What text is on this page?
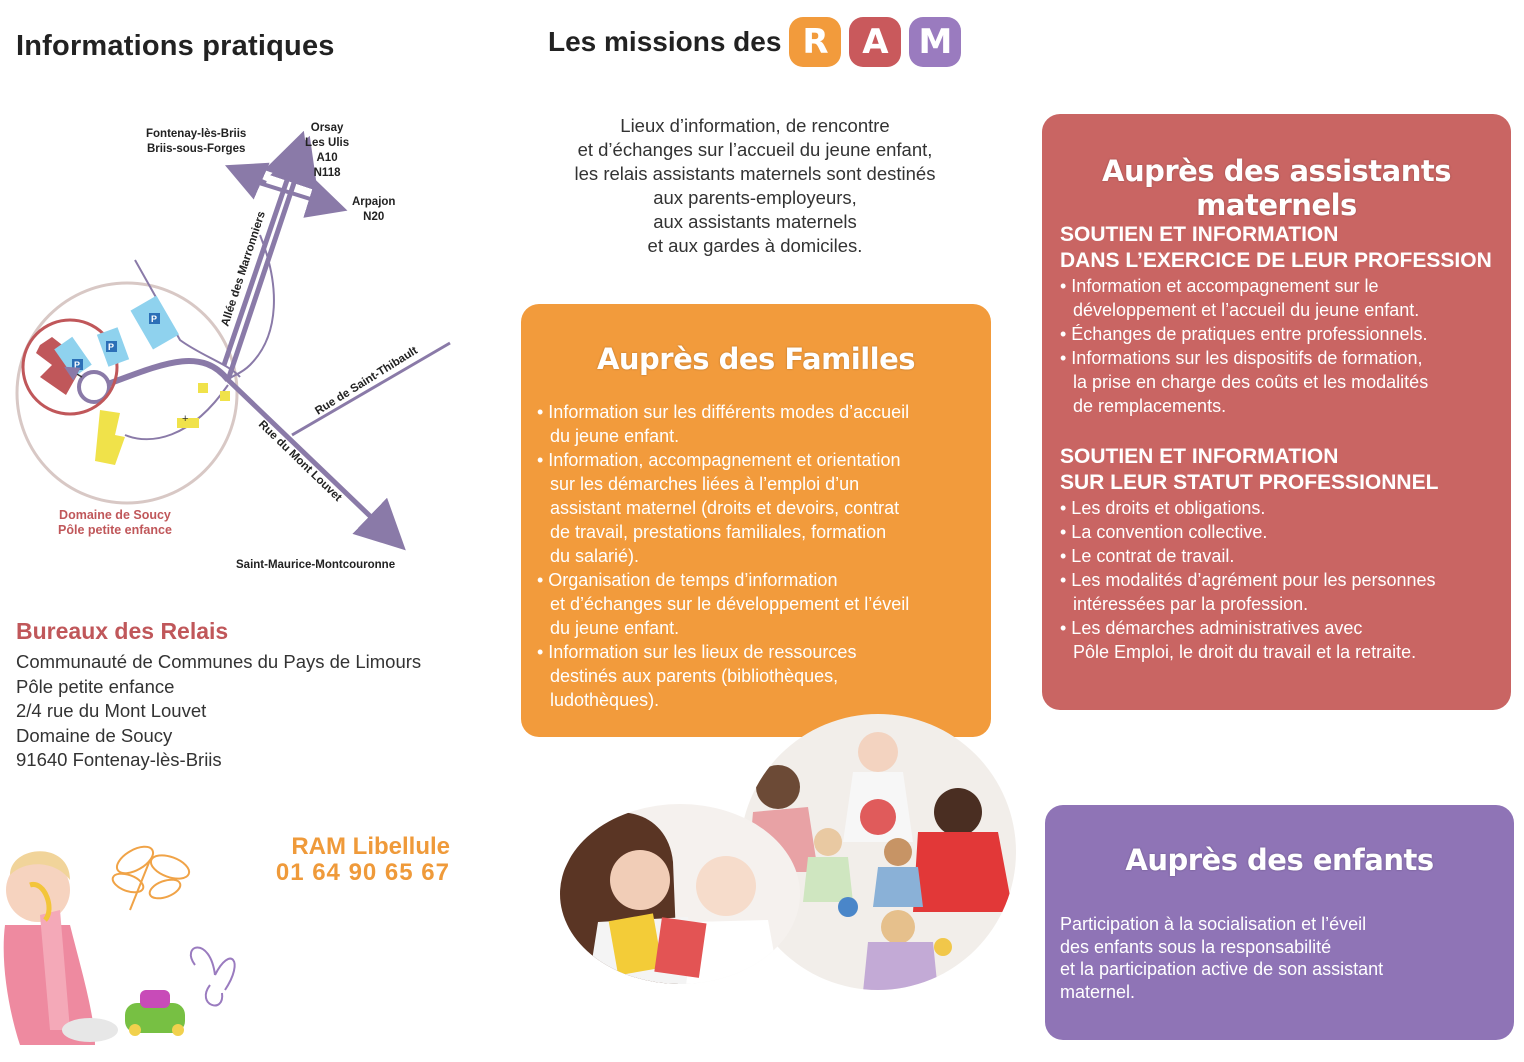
Informations pratiques
P
P
P
+
Allée des Marronniers
Rue de Saint-Thibault
Rue du Mont Louvet
Fontenay-lès-Briis
Briis-sous-Forges
Orsay
Les Ulis
A10
N118
Arpajon
N20
Saint-Maurice-Montcouronne
Domaine de Soucy
Pôle petite enfance
Bureaux des Relais
Communauté de Communes du Pays de Limours
Pôle petite enfance
2/4 rue du Mont Louvet
Domaine de Soucy
91640 Fontenay-lès-Briis
RAM Libellule
01 64 90 65 67
Les missions des R A M
Lieux d’information, de rencontre
et d’échanges sur l’accueil du jeune enfant,
les relais assistants maternels sont destinés
aux parents-employeurs,
aux assistants maternels
et aux gardes à domiciles.
Auprès des Familles
• Information sur les différents modes d’accueil
du jeune enfant.
• Information, accompagnement et orientation
sur les démarches liées à l’emploi d’un
assistant maternel (droits et devoirs, contrat
de travail, prestations familiales, formation
du salarié).
• Organisation de temps d’information
et d’échanges sur le développement et l’éveil
du jeune enfant.
• Information sur les lieux de ressources
destinés aux parents (bibliothèques,
ludothèques).
Auprès des assistants maternels
SOUTIEN ET INFORMATION
DANS L’EXERCICE DE LEUR PROFESSION
• Information et accompagnement sur le
développement et l’accueil du jeune enfant.
• Échanges de pratiques entre professionnels.
• Informations sur les dispositifs de formation,
la prise en charge des coûts et les modalités
de remplacements.
SOUTIEN ET INFORMATION
SUR LEUR STATUT PROFESSIONNEL
• Les droits et obligations.
• La convention collective.
• Le contrat de travail.
• Les modalités d’agrément pour les personnes
intéressées par la profession.
• Les démarches administratives avec
Pôle Emploi, le droit du travail et la retraite.
Auprès des enfants
Participation à la socialisation et l’éveil
des enfants sous la responsabilité
et la participation active de son assistant
maternel.
